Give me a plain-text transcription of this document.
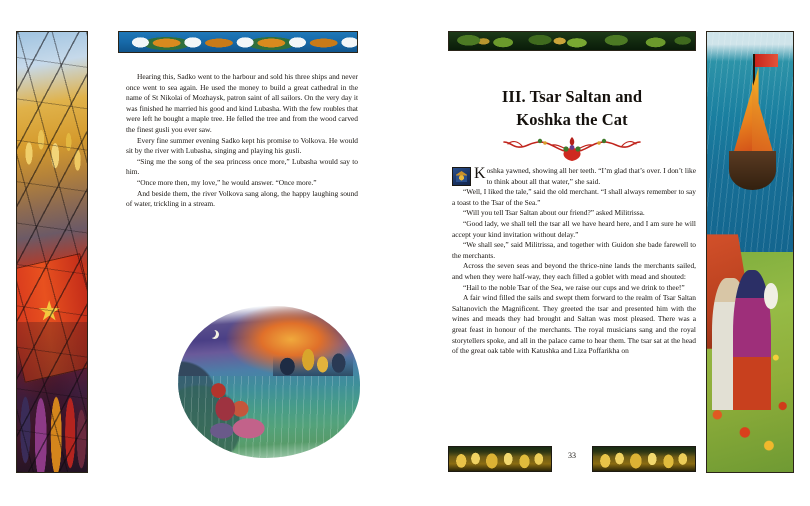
Hearing this, Sadko went to the harbour and sold his three ships and never once went to sea again. He used the money to build a great cathedral in the name of St Nikolai of Mozhaysk, patron saint of all sailors. On the very day it was finished he married his good and kind Lubasha. With the few roubles that were left he bought a maple tree. He felled the tree and from the wood carved the finest gusli you ever saw.

Every fine summer evening Sadko kept his promise to Volkova. He would sit by the river with Lubasha, singing and playing his gusli.

“Sing me the song of the sea princess once more,” Lubasha would say to him.

“Once more then, my love,” he would answer. “Once more.”

And beside them, the river Volkova sang along, the happy laughing sound of water, trickling in a stream.

III. Tsar Saltan and
Koshka the Cat

Koshka yawned, showing all her teeth. “I’m glad that’s over. I don’t like to think about all that water,” she said.

“Well, I liked the tale,” said the old merchant. “I shall always remember to say a toast to the Tsar of the Sea.”

“Will you tell Tsar Saltan about our friend?” asked Militrissa.

“Good lady, we shall tell the tsar all we have heard here, and I am sure he will accept your kind invitation without delay.”

“We shall see,” said Militrissa, and together with Guidon she bade farewell to the merchants.

Across the seven seas and beyond the thrice-nine lands the merchants sailed, and when they were half-way, they each filled a goblet with mead and shouted:

“Hail to the noble Tsar of the Sea, we raise our cups and we drink to thee!”

A fair wind filled the sails and swept them forward to the realm of Tsar Saltan Saltanovich the Magnificent. They greeted the tsar and presented him with the wines and meads they had brought and Saltan was most pleased. There was a great feast in honour of the merchants. The royal musicians sang and the royal storytellers spoke, and all in the palace came to hear them. The tsar sat at the head of the great oak table with Katushka and Liza Poffarikha on

33
